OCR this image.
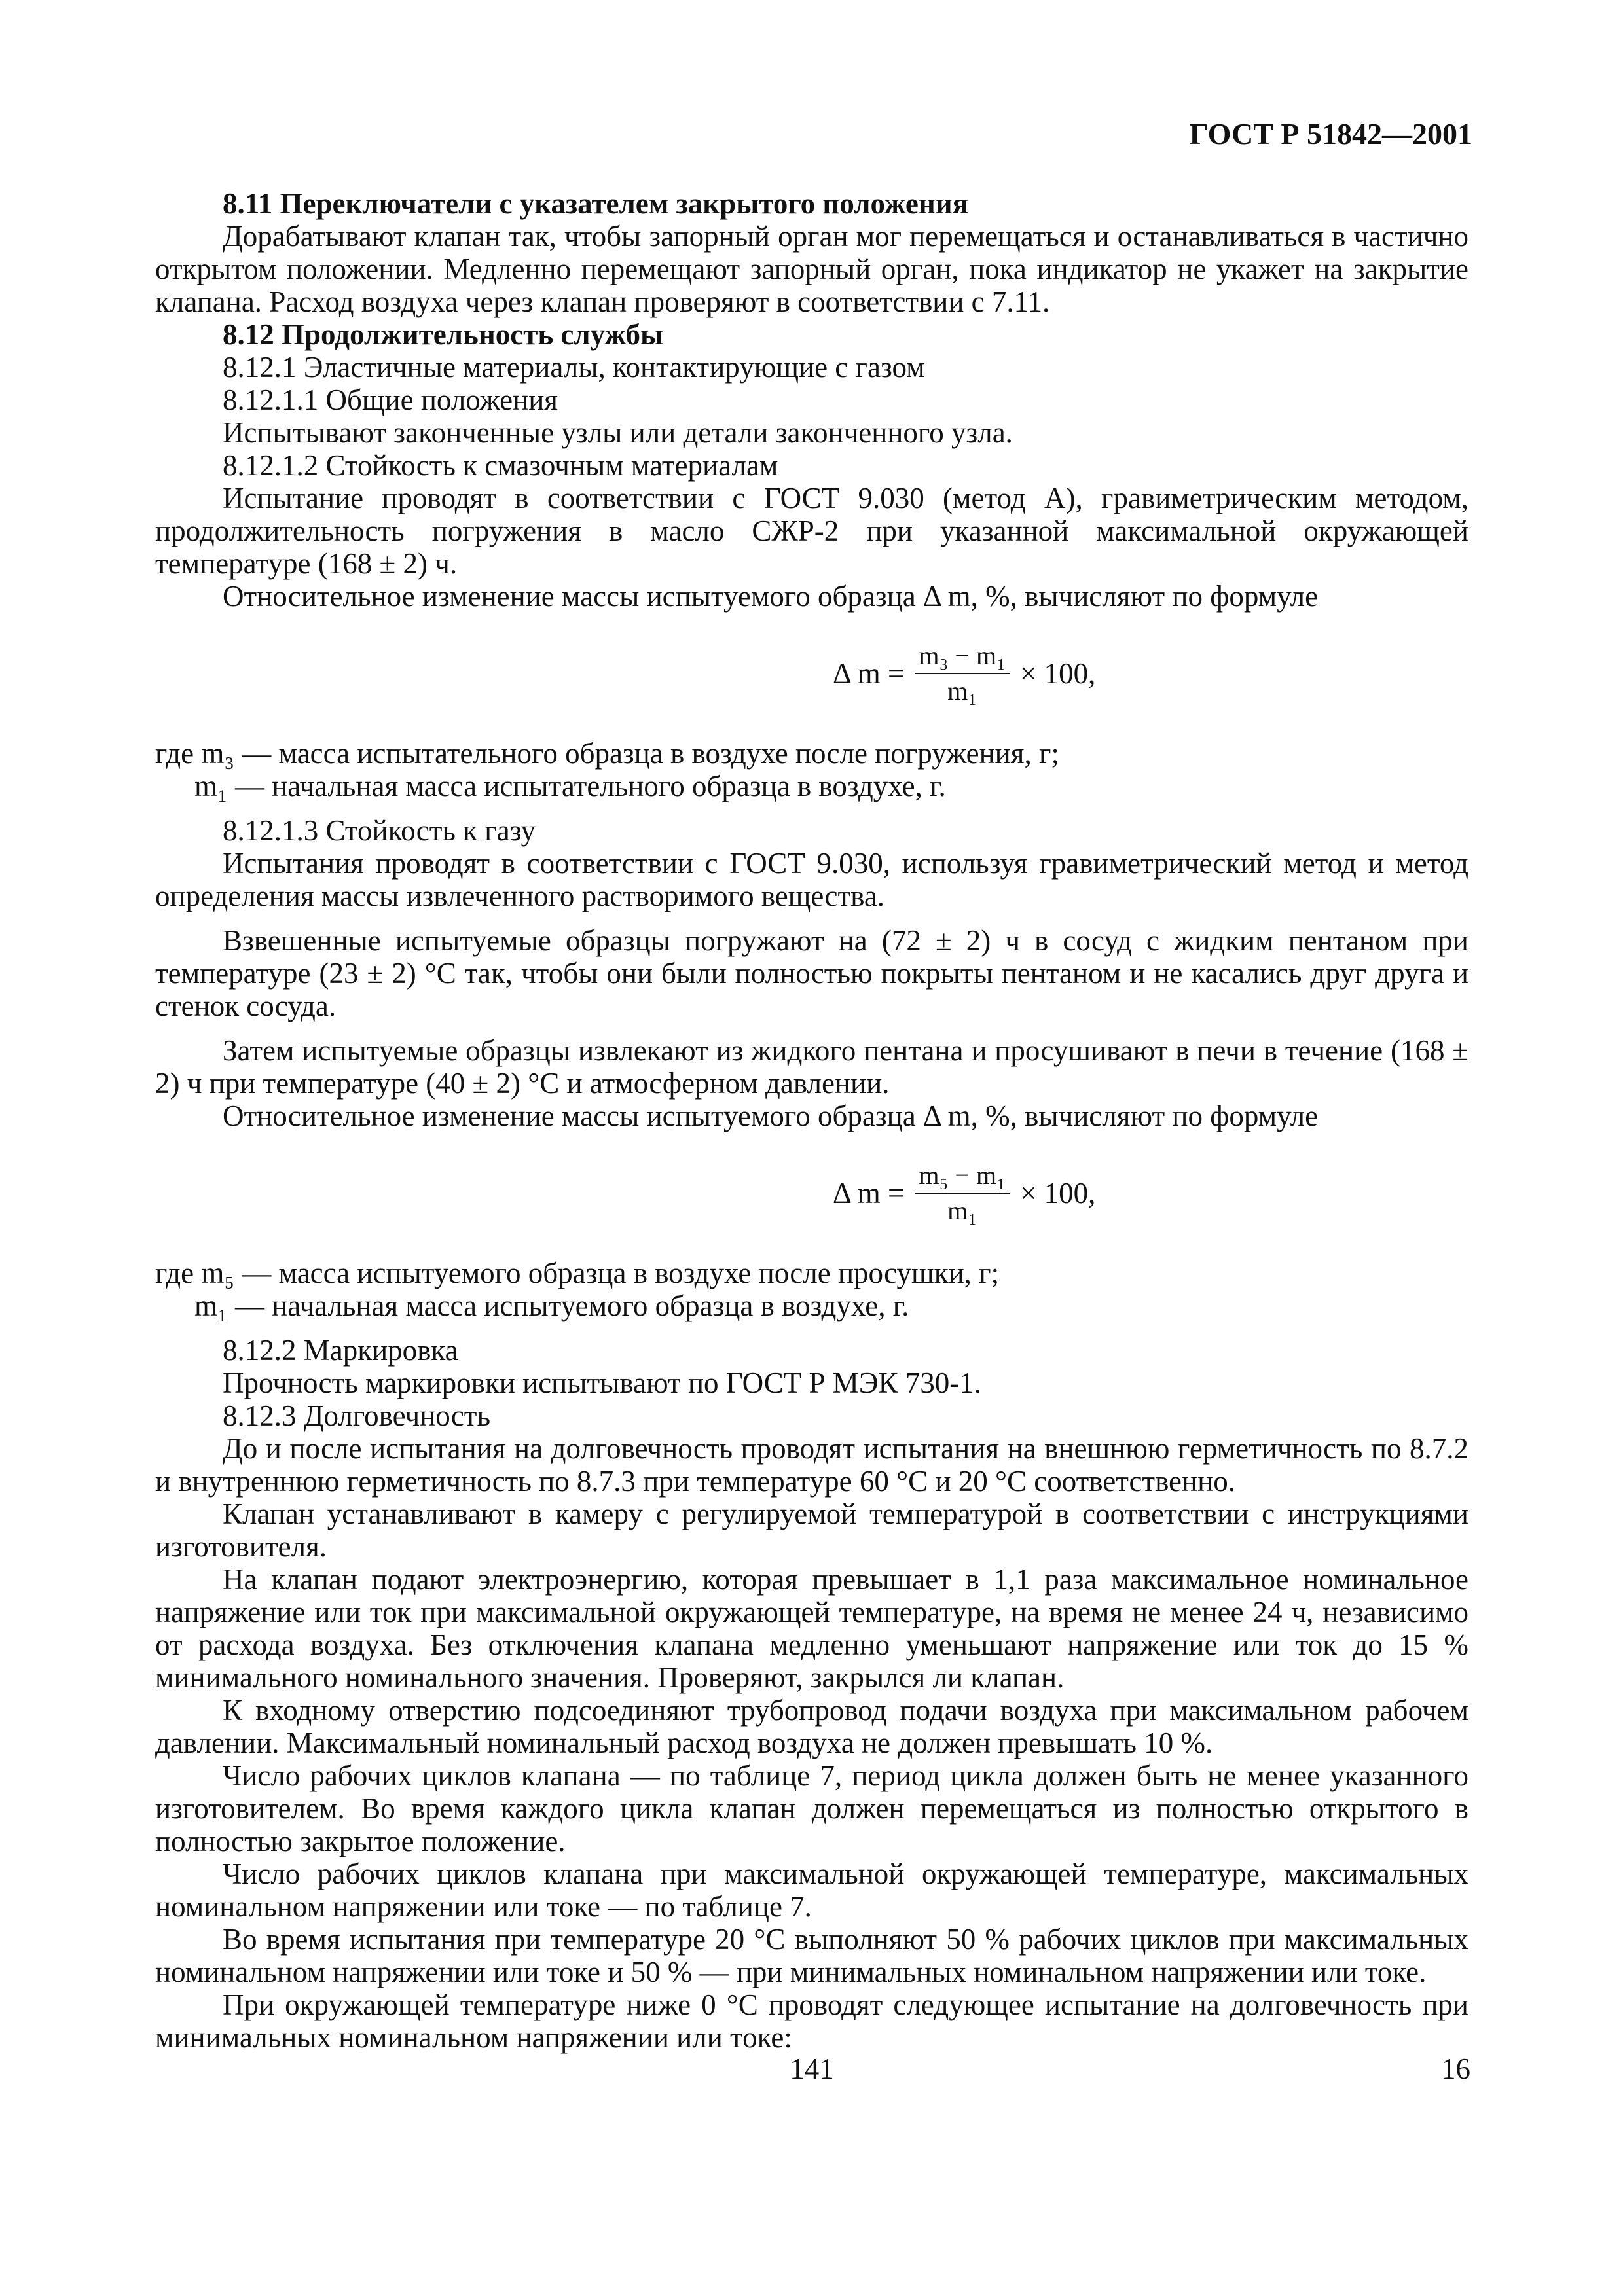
ГОСТ Р 51842—2001

8.11 Переключатели с указателем закрытого положения

Дорабатывают клапан так, чтобы запорный орган мог перемещаться и останавливаться в частично открытом положении. Медленно перемещают запорный орган, пока индикатор не укажет на закрытие клапана. Расход воздуха через клапан проверяют в соответствии с 7.11.

8.12 Продолжительность службы

8.12.1 Эластичные материалы, контактирующие с газом

8.12.1.1 Общие положения

Испытывают законченные узлы или детали законченного узла.

8.12.1.2 Стойкость к смазочным материалам

Испытание проводят в соответствии с ГОСТ 9.030 (метод А), гравиметрическим методом, продолжительность погружения в масло СЖР-2 при указанной максимальной окружающей температуре (168 ± 2) ч.

Относительное изменение массы испытуемого образца Δ m, %, вычисляют по формуле

Δ $m = \frac{\text{m₃ − m₁}}{\text{m₁}} \times 100$,

где m₃ — масса испытательного образца в воздухе после погружения, г;

m₁ — начальная масса испытательного образца в воздухе, г.

8.12.1.3 Стойкость к газу

Испытания проводят в соответствии с ГОСТ 9.030, используя гравиметрический метод и метод определения массы извлеченного растворимого вещества.

Взвешенные испытуемые образцы погружают на (72 ± 2) ч в сосуд с жидким пентаном при температуре (23 ± 2) °С так, чтобы они были полностью покрыты пентаном и не касались друг друга и стенок сосуда.

Затем испытуемые образцы извлекают из жидкого пентана и просушивают в печи в течение (168 ± 2) ч при температуре (40 ± 2) °С и атмосферном давлении.

Относительное изменение массы испытуемого образца Δ m, %, вычисляют по формуле

Δ $m = \frac{\text{m₅ − m₁}}{\text{m₁}} \times 100$,

где m₅ — масса испытуемого образца в воздухе после просушки, г;

m₁ — начальная масса испытуемого образца в воздухе, г.

8.12.2 Маркировка

Прочность маркировки испытывают по ГОСТ Р МЭК 730-1.

8.12.3 Долговечность

До и после испытания на долговечность проводят испытания на внешнюю герметичность по 8.7.2 и внутреннюю герметичность по 8.7.3 при температуре 60 °С и 20 °С соответственно.

Клапан устанавливают в камеру с регулируемой температурой в соответствии с инструкциями изготовителя.

На клапан подают электроэнергию, которая превышает в 1,1 раза максимальное номинальное напряжение или ток при максимальной окружающей температуре, на время не менее 24 ч, независимо от расхода воздуха. Без отключения клапана медленно уменьшают напряжение или ток до 15 % минимального номинального значения. Проверяют, закрылся ли клапан.

К входному отверстию подсоединяют трубопровод подачи воздуха при максимальном рабочем давлении. Максимальный номинальный расход воздуха не должен превышать 10 %.

Число рабочих циклов клапана — по таблице 7, период цикла должен быть не менее указанного изготовителем. Во время каждого цикла клапан должен перемещаться из полностью открытого в полностью закрытое положение.

Число рабочих циклов клапана при максимальной окружающей температуре, максимальных номинальном напряжении или токе — по таблице 7.

Во время испытания при температуре 20 °С выполняют 50 % рабочих циклов при максимальных номинальном напряжении или токе и 50 % — при минимальных номинальном напряжении или токе.

При окружающей температуре ниже 0 °С проводят следующее испытание на долговечность при минимальных номинальном напряжении или токе:

141	16
